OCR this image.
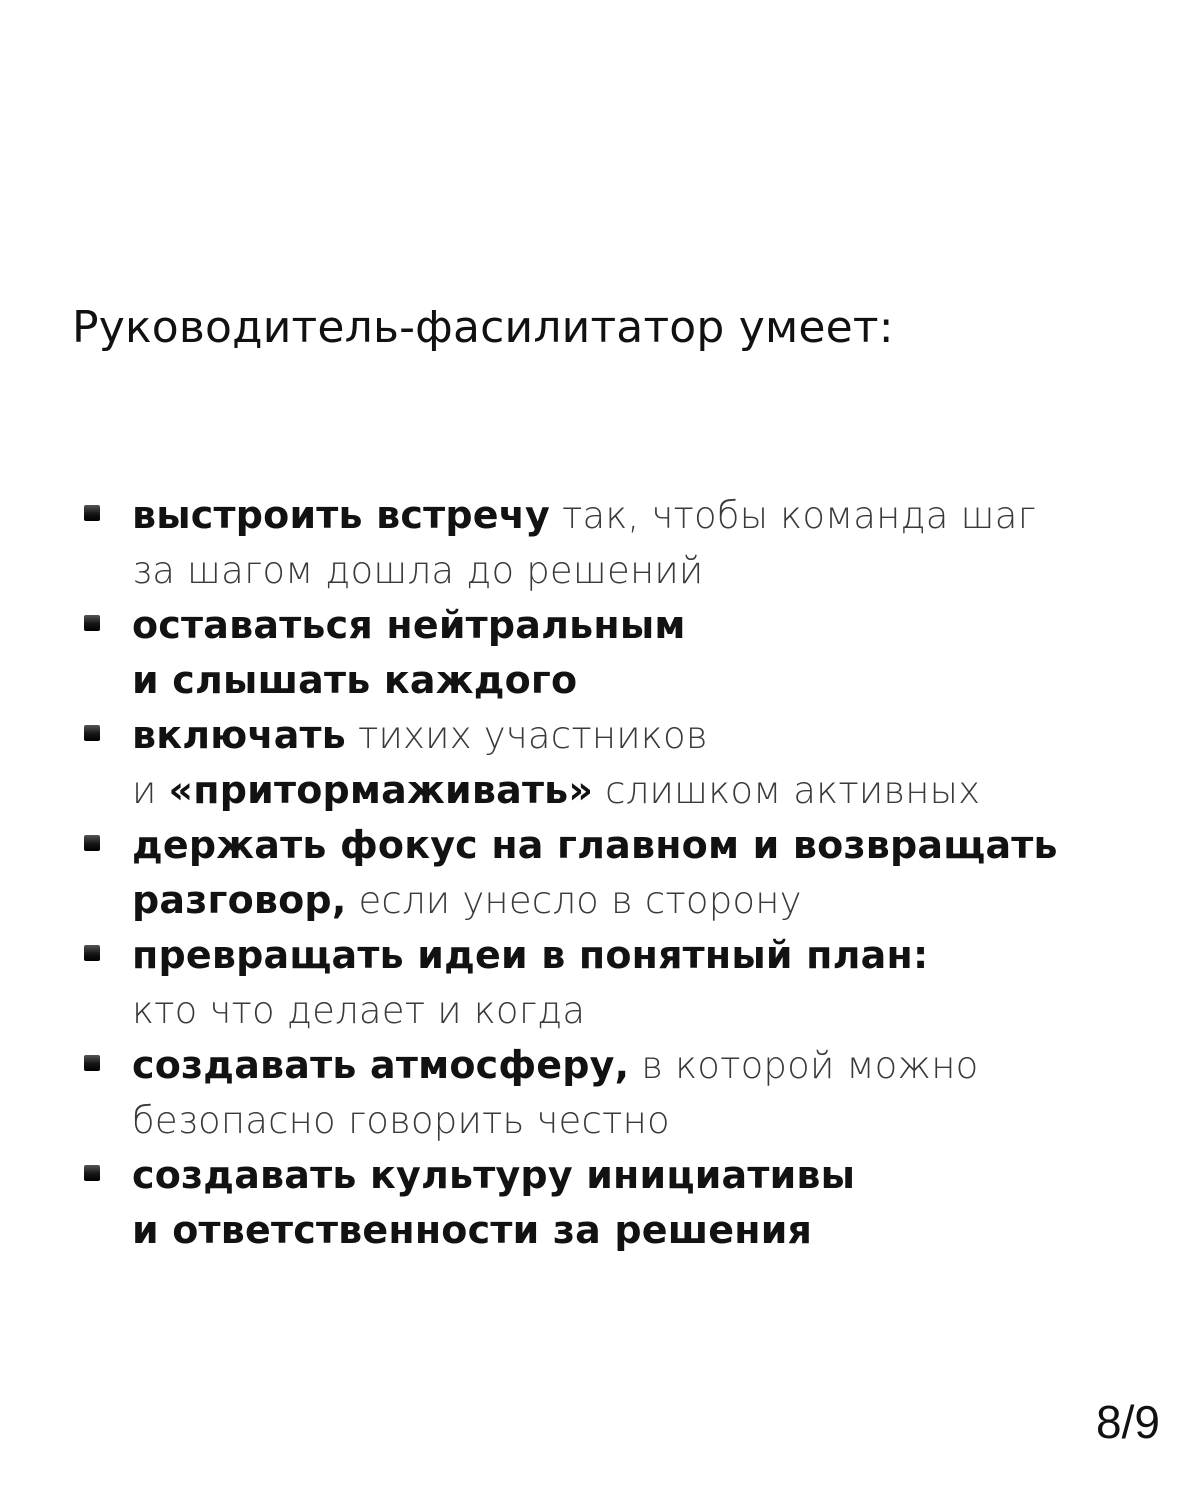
Руководитель-фасилитатор умеет:
выстроить встречу так, чтобы команда шаг
за шагом дошла до решений
оставаться нейтральным
и слышать каждого
включать тихих участников
и «притормаживать» слишком активных
держать фокус на главном и возвращать
разговор, если унесло в сторону
превращать идеи в понятный план:
кто что делает и когда
создавать атмосферу, в которой можно
безопасно говорить честно
создавать культуру инициативы
и ответственности за решения
8/9
